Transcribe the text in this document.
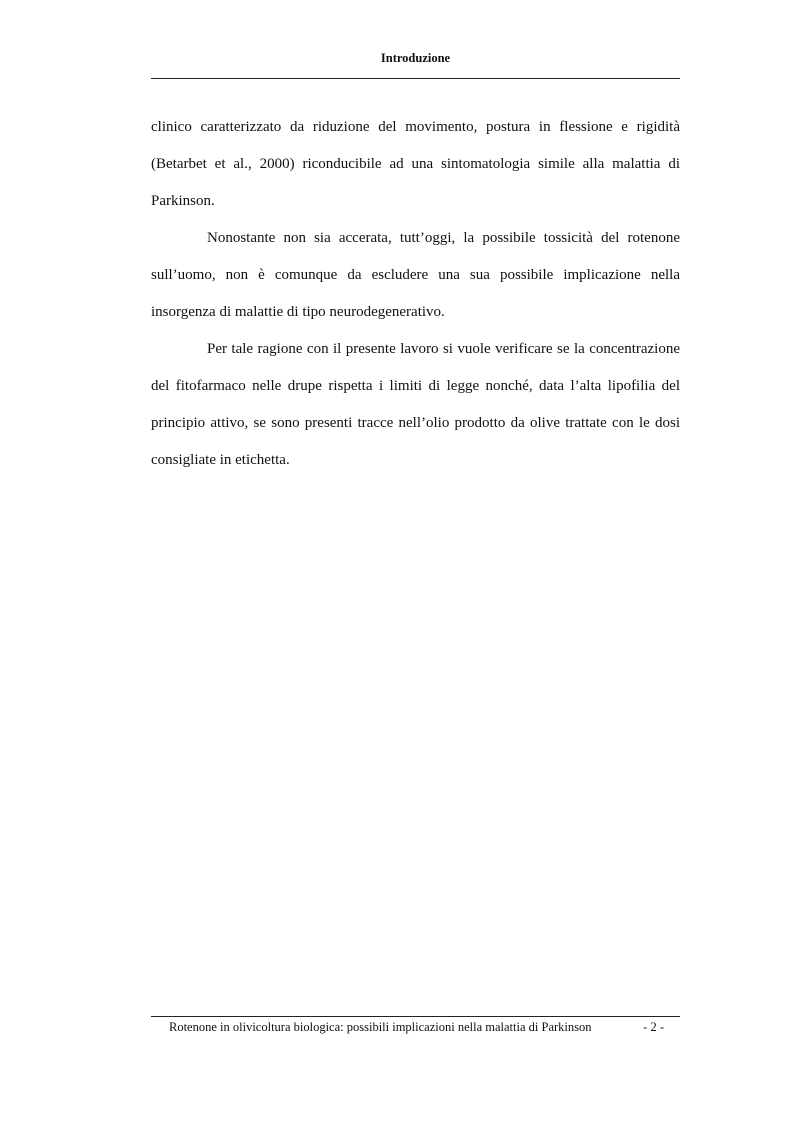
Introduzione

clinico caratterizzato da riduzione del movimento, postura in flessione e rigidità (Betarbet et al., 2000) riconducibile ad una sintomatologia simile alla malattia di Parkinson.

Nonostante non sia accerata, tutt’oggi, la possibile tossicità del rotenone sull’uomo, non è comunque da escludere una sua possibile implicazione nella insorgenza di malattie di tipo neurodegenerativo.

Per tale ragione con il presente lavoro si vuole verificare se la concentrazione del fitofarmaco nelle drupe rispetta i limiti di legge nonché, data l’alta lipofilia del principio attivo, se sono presenti tracce nell’olio prodotto da olive trattate con le dosi consigliate in etichetta.

Rotenone in olivicoltura biologica: possibili implicazioni nella malattia di Parkinson	- 2 -
